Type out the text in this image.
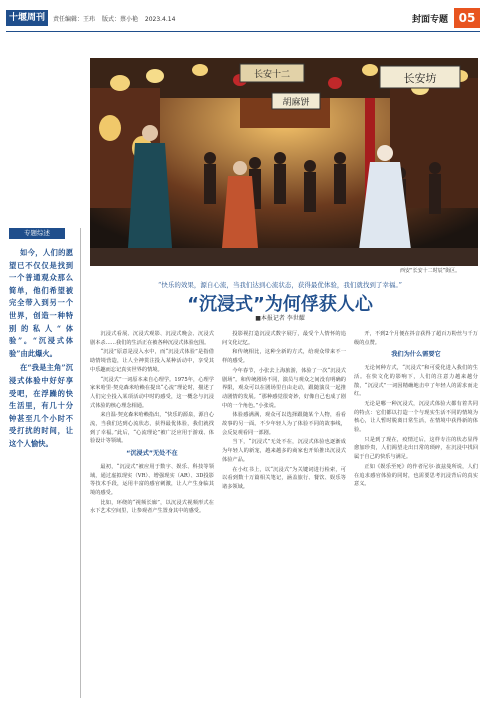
十堰周刊	责任编辑：王玮 版式：蔡小艳 2023.4.14	封面专题 05
长安坊
胡麻饼
长安十二
西安“长安十二时辰”街区。
“快乐的效果，源自心流，当我们达到心流状态，获得最优体验，我们就找到了幸福。”
“沉浸式”为何俘获人心
■本报记者 李世耀
专题综述

如今，人们的愿望已不仅仅是找到一个普通观众那么简单，他们希望被完全带入到另一个世界，创造一种特别的私人“体验”。“沉浸式体验”由此爆火。

在“我是主角”沉浸式体验中好好享受吧，在浮躁的快生活里，有几十分钟甚至几个小时不受打扰的时间，让这个人愉快。

沉浸式看展、沉浸式观影、沉浸式晚会、沉浸式剧本杀……我们的生活正在被各种沉浸式体验包围。

“沉浸”原意是浸入水中，而“沉浸式体验”是指借助情境营造，让人全神贯注投入某种活动中，享受其中乐趣而忘记真实世界的情境。

“沉浸式”一词原本来自心理学。1975年，心理学家米哈里·契克森米哈赖在提出“心流”理论时，描述了人们完全投入某项活动中时的感受，这一概念与沉浸式体验的核心理念相通。

来自温·契克森米哈赖指出，“快乐的源泉，源自心流，当我们达到心流状态，获得最优体验，我们就找到了幸福。”此后，“心流理论”被广泛应用于游戏、体验设计等领域。

“沉浸式”无处不在

最初，“沉浸式”被应用于数字、娱乐、科技等领域，通过虚拟现实（VR）、增强现实（AR）、3D投影等技术手段，运用丰富的感官刺激，让人产生身临其境的感受。

比如，环绕的“视频长廊”，以沉浸式视频形式在水下艺术空间里，让参观者产生置身其中的感受。

投影视打造沉浸式数字展厅，最受个人情怀的追问文化记忆。

和传统相比，这种全新的方式，给观众带来不一样的感受。

今年春节，小张去上海旅游，体验了一次“沉浸式剧场”。和传统剧场不同，演员与观众之间没有明确的界限，观众可以在剧场里自由走动，跟随演员一起推动剧情的发展。“那种感觉很奇妙，好像自己也成了剧中的一个角色。”小张说。

体验感满满，观众可以选择跟随某个人物，看看故事的另一面。不少年轻人为了体验不同的故事线，会反复观看同一部剧。

当下，“沉浸式”无处不在，沉浸式体验也逐渐成为年轻人的新宠，越来越多的商家也开始推出沉浸式体验产品。

在小红书上，以“沉浸式”为关键词进行检索，可以看到数十万篇相关笔记，涵盖旅行、餐饮、娱乐等诸多领域。

开，不到2个月便在抖音获得了超百万粉丝与千万级的点赞。

我们为什么需要它

无论何种方式，“沉浸式”和可爱化进入我们的生活。在快文化的影响下，人们的注意力越来越分散，“沉浸式”一词因精确地击中了年轻人的需求而走红。

无论是哪一种沉浸式，沉浸式体验大都有着共同的特点：它们都以打造一个与现实生活不同的情境为核心，让人暂时脱离日常生活，在情境中获得新的体验。

只是到了现在，疫情过后，这样专注的状态显得愈加珍贵，人们渴望走出日常的琐碎，在沉浸中找回属于自己的快乐与满足。

正如《娱乐至死》的作者尼尔·波兹曼所说，人们在追求感官体验的同时，也需要思考沉浸背后的真实意义。
